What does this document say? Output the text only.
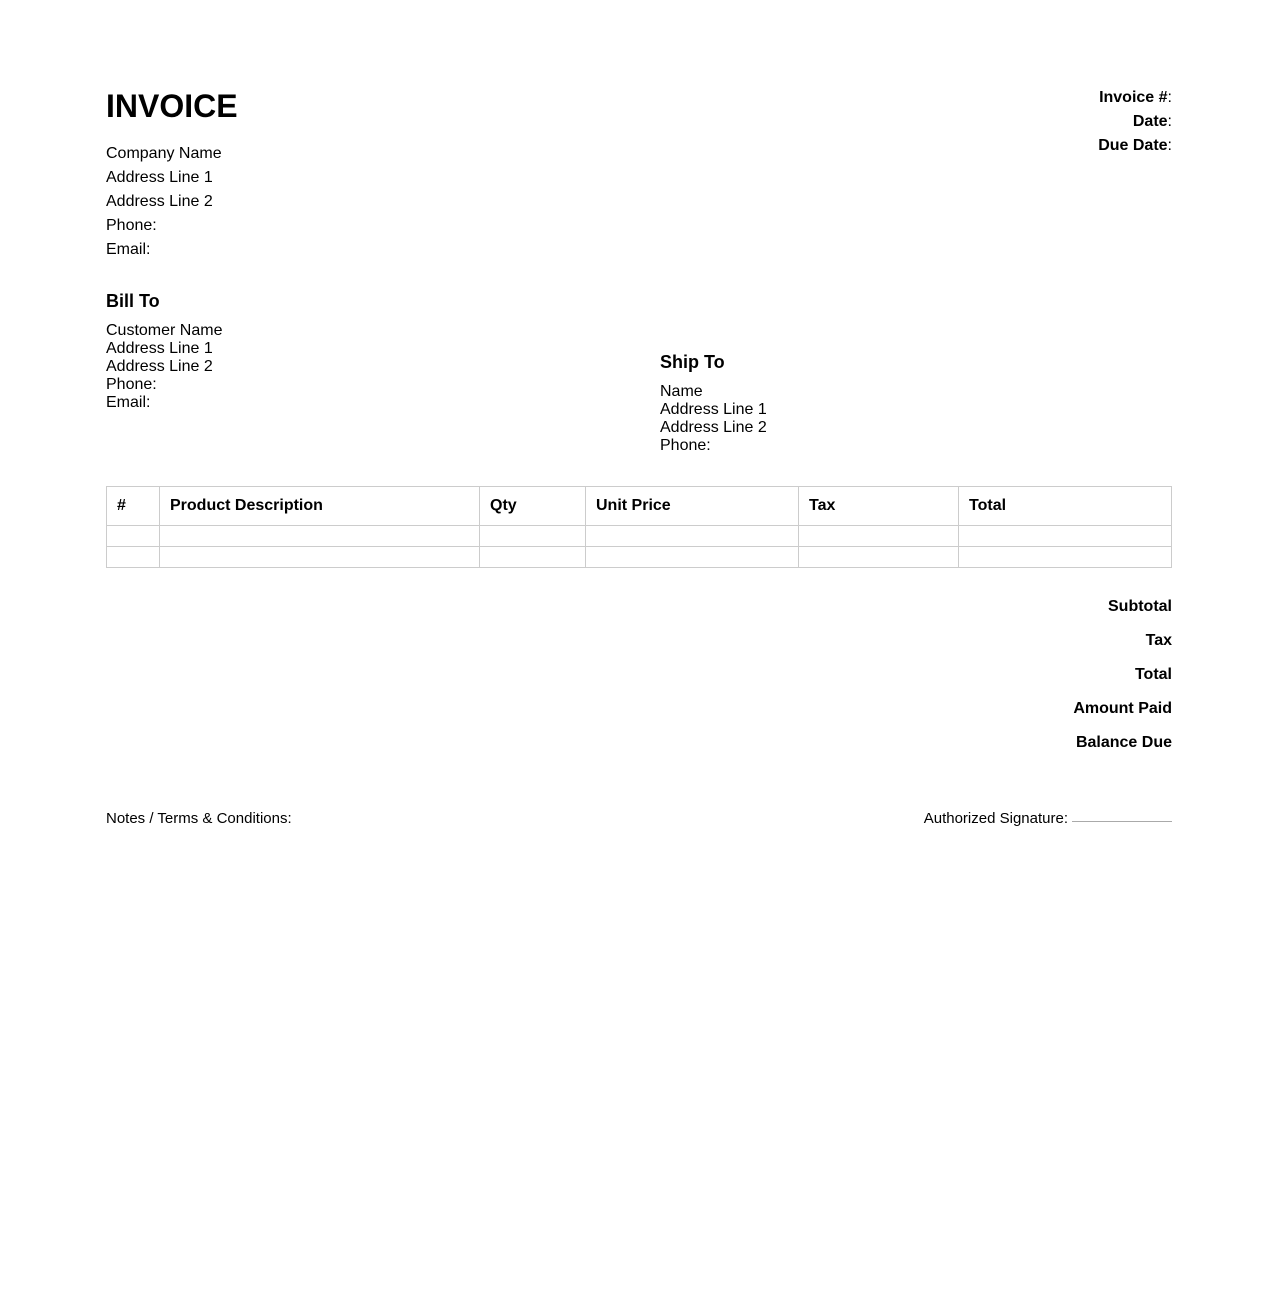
INVOICE
Company Name
Address Line 1
Address Line 2
Phone:
Email:
Invoice #:
Date:
Due Date:
Bill To
Customer Name
Address Line 1
Address Line 2
Phone:
Email:
Ship To
Name
Address Line 1
Address Line 2
Phone:
#	Product Description	Qty	Unit Price	Tax	Total

Subtotal
Tax
Total
Amount Paid
Balance Due
Notes / Terms & Conditions:	Authorized Signature:
